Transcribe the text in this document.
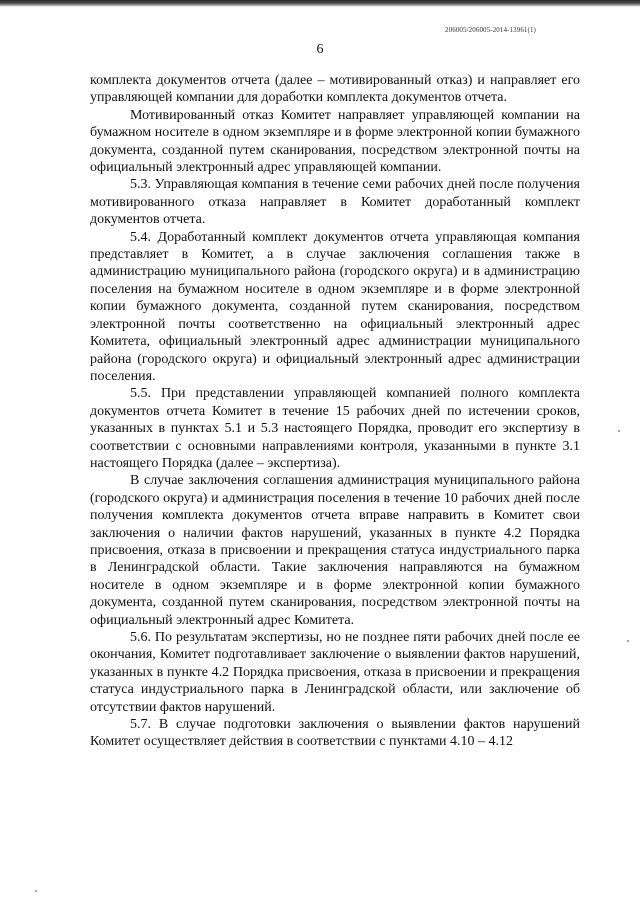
206005/206005-2014-13961(1)
6

комплекта документов отчета (далее – мотивированный отказ) и направляет его управляющей компании для доработки комплекта документов отчета.

Мотивированный отказ Комитет направляет управляющей компании на бумажном носителе в одном экземпляре и в форме электронной копии бумажного документа, созданной путем сканирования, посредством электронной почты на официальный электронный адрес управляющей компании.

5.3. Управляющая компания в течение семи рабочих дней после получения мотивированного отказа направляет в Комитет доработанный комплект документов отчета.

5.4. Доработанный комплект документов отчета управляющая компания представляет в Комитет, а в случае заключения соглашения также в администрацию муниципального района (городского округа) и в администрацию поселения на бумажном носителе в одном экземпляре и в форме электронной копии бумажного документа, созданной путем сканирования, посредством электронной почты соответственно на официальный электронный адрес Комитета, официальный электронный адрес администрации муниципального района (городского округа) и официальный электронный адрес администрации поселения.

5.5. При представлении управляющей компанией полного комплекта документов отчета Комитет в течение 15 рабочих дней по истечении сроков, указанных в пунктах 5.1 и 5.3 настоящего Порядка, проводит его экспертизу в соответствии с основными направлениями контроля, указанными в пункте 3.1 настоящего Порядка (далее – экспертиза).

В случае заключения соглашения администрация муниципального района (городского округа) и администрация поселения в течение 10 рабочих дней после получения комплекта документов отчета вправе направить в Комитет свои заключения о наличии фактов нарушений, указанных в пункте 4.2 Порядка присвоения, отказа в присвоении и прекращения статуса индустриального парка в Ленинградской области. Такие заключения направляются на бумажном носителе в одном экземпляре и в форме электронной копии бумажного документа, созданной путем сканирования, посредством электронной почты на официальный электронный адрес Комитета.

5.6. По результатам экспертизы, но не позднее пяти рабочих дней после ее окончания, Комитет подготавливает заключение о выявлении фактов нарушений, указанных в пункте 4.2 Порядка присвоения, отказа в присвоении и прекращения статуса индустриального парка в Ленинградской области, или заключение об отсутствии фактов нарушений.

5.7. В случае подготовки заключения о выявлении фактов нарушений Комитет осуществляет действия в соответствии с пунктами 4.10 – 4.12
